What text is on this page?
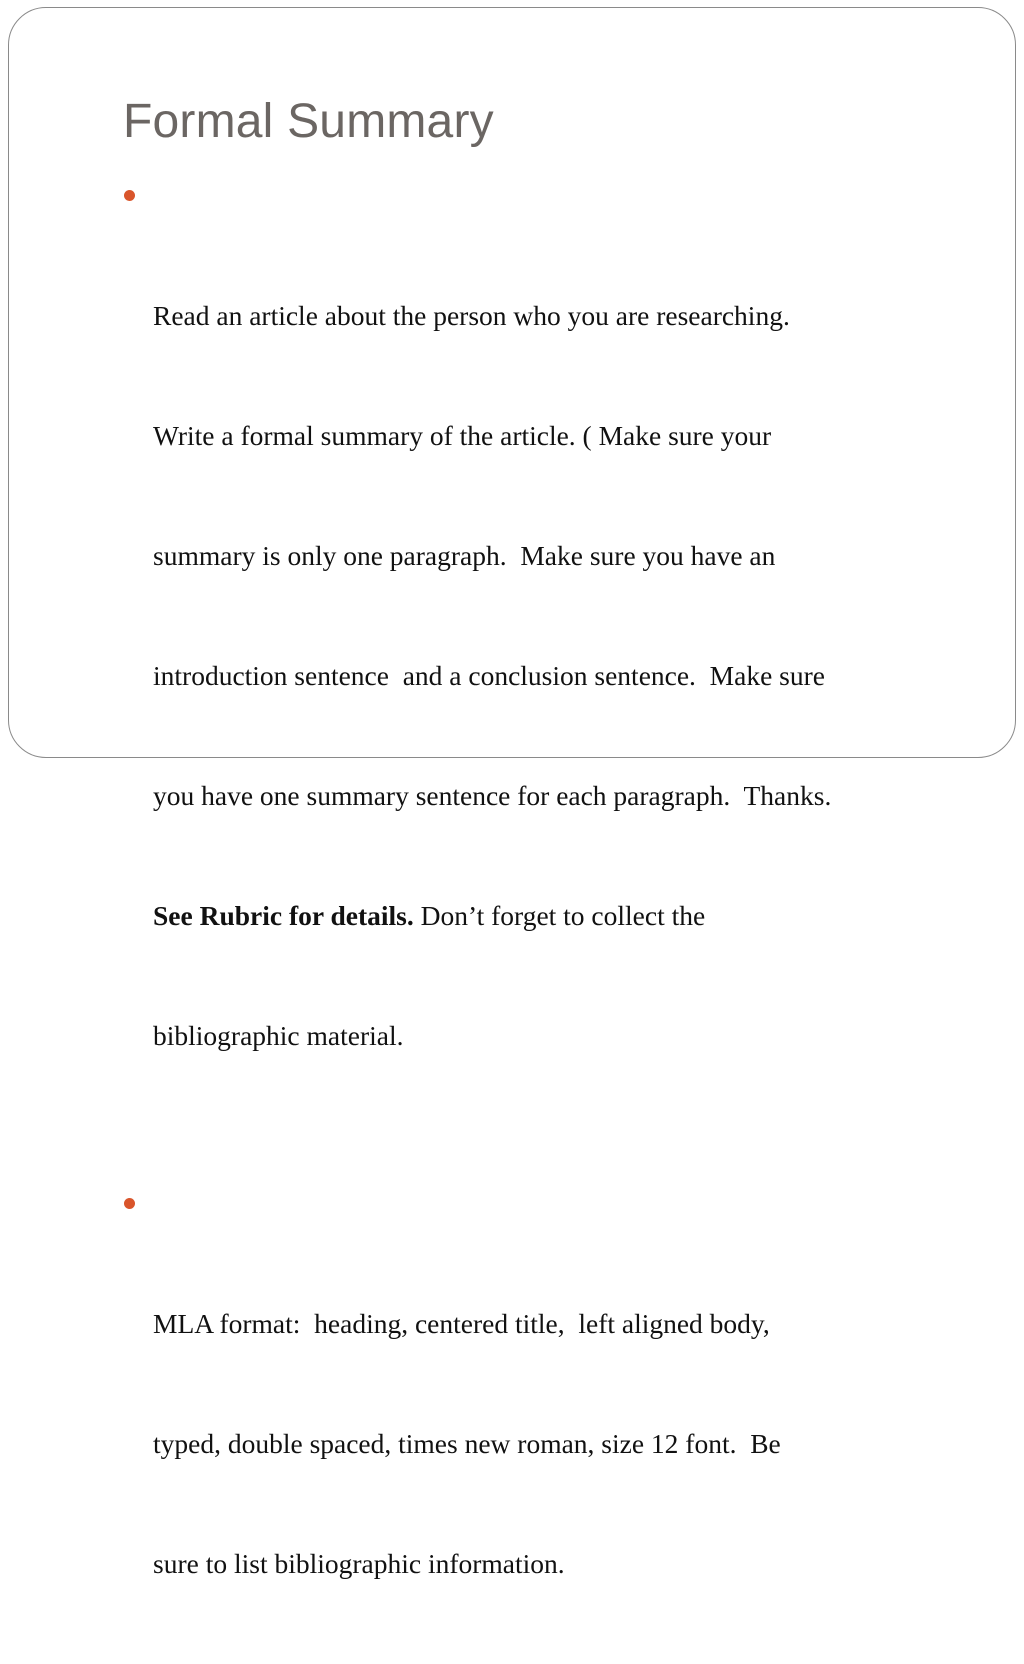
Formal Summary

Read an article about the person who you are researching.

Write a formal summary of the article. ( Make sure your

summary is only one paragraph.  Make sure you have an

introduction sentence  and a conclusion sentence.  Make sure

you have one summary sentence for each paragraph.  Thanks.

See Rubric for details. Don’t forget to collect the

bibliographic material.

MLA format:  heading, centered title,  left aligned body,

typed, double spaced, times new roman, size 12 font.  Be

sure to list bibliographic information.
